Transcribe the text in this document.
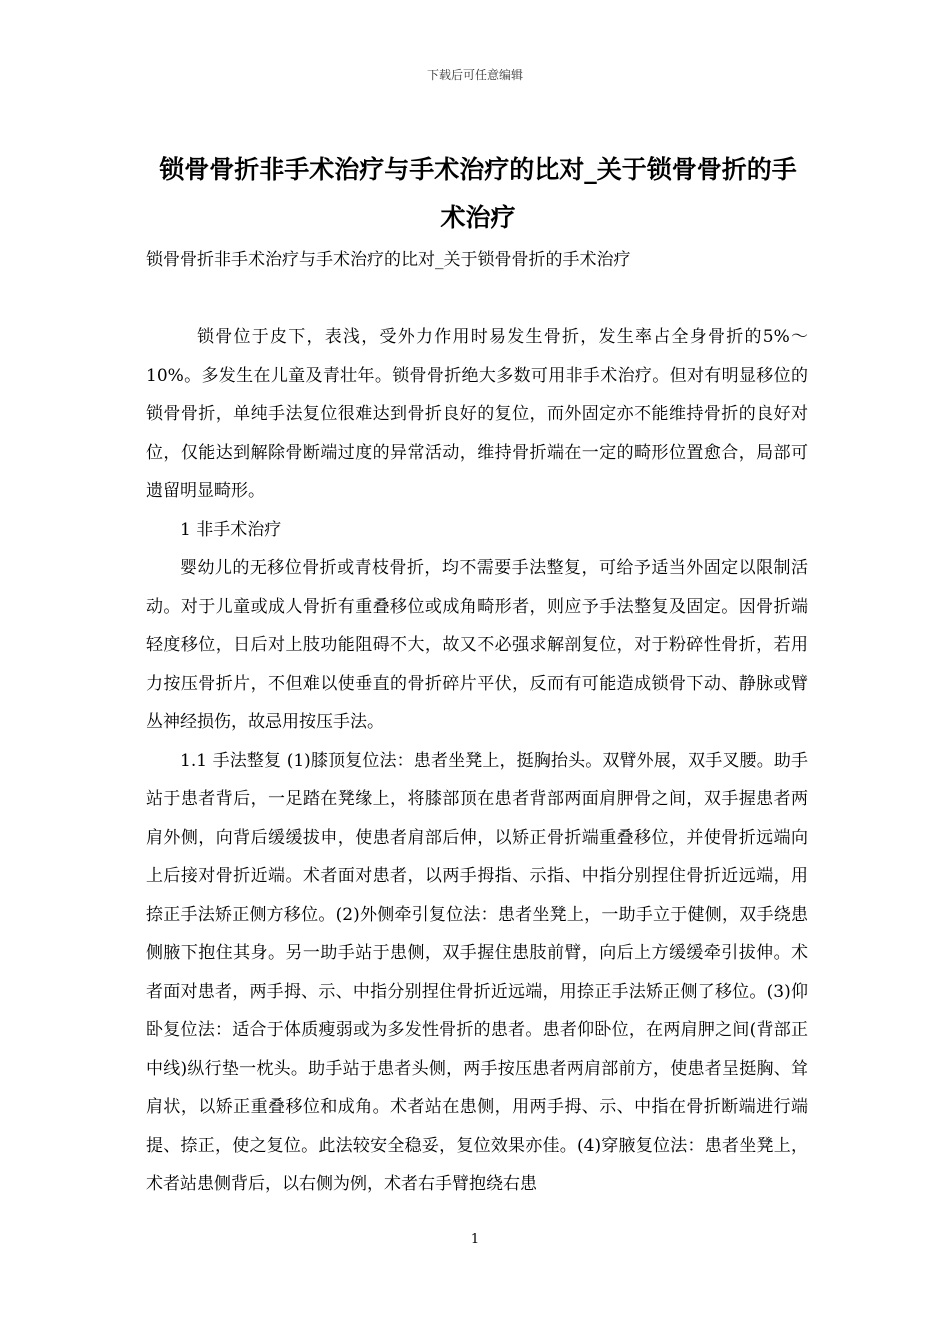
下载后可任意编辑
锁骨骨折非手术治疗与手术治疗的比对_关于锁骨骨折的手术治疗

锁骨骨折非手术治疗与手术治疗的比对_关于锁骨骨折的手术治疗

锁骨位于皮下，表浅，受外力作用时易发生骨折，发生率占全身骨折的5%～10%。多发生在儿童及青壮年。锁骨骨折绝大多数可用非手术治疗。但对有明显移位的锁骨骨折，单纯手法复位很难达到骨折良好的复位，而外固定亦不能维持骨折的良好对位，仅能达到解除骨断端过度的异常活动，维持骨折端在一定的畸形位置愈合，局部可遗留明显畸形。

1 非手术治疗

婴幼儿的无移位骨折或青枝骨折，均不需要手法整复，可给予适当外固定以限制活动。对于儿童或成人骨折有重叠移位或成角畸形者，则应予手法整复及固定。因骨折端轻度移位，日后对上肢功能阻碍不大，故又不必强求解剖复位，对于粉碎性骨折，若用力按压骨折片，不但难以使垂直的骨折碎片平伏，反而有可能造成锁骨下动、静脉或臂丛神经损伤，故忌用按压手法。

1.1 手法整复 (1)膝顶复位法：患者坐凳上，挺胸抬头。双臂外展，双手叉腰。助手站于患者背后，一足踏在凳缘上，将膝部顶在患者背部两面肩胛骨之间，双手握患者两肩外侧，向背后缓缓拔申，使患者肩部后伸，以矫正骨折端重叠移位，并使骨折远端向上后接对骨折近端。术者面对患者，以两手拇指、示指、中指分别捏住骨折近远端，用捺正手法矫正侧方移位。(2)外侧牵引复位法：患者坐凳上，一助手立于健侧，双手绕患侧腋下抱住其身。另一助手站于患侧，双手握住患肢前臂，向后上方缓缓牵引拔伸。术者面对患者，两手拇、示、中指分别捏住骨折近远端，用捺正手法矫正侧了移位。(3)仰卧复位法：适合于体质瘦弱或为多发性骨折的患者。患者仰卧位，在两肩胛之间(背部正中线)纵行垫一枕头。助手站于患者头侧，两手按压患者两肩部前方，使患者呈挺胸、耸肩状，以矫正重叠移位和成角。术者站在患侧，用两手拇、示、中指在骨折断端进行端提、捺正，使之复位。此法较安全稳妥，复位效果亦佳。(4)穿腋复位法：患者坐凳上，术者站患侧背后，以右侧为例，术者右手臂抱绕右患

1
